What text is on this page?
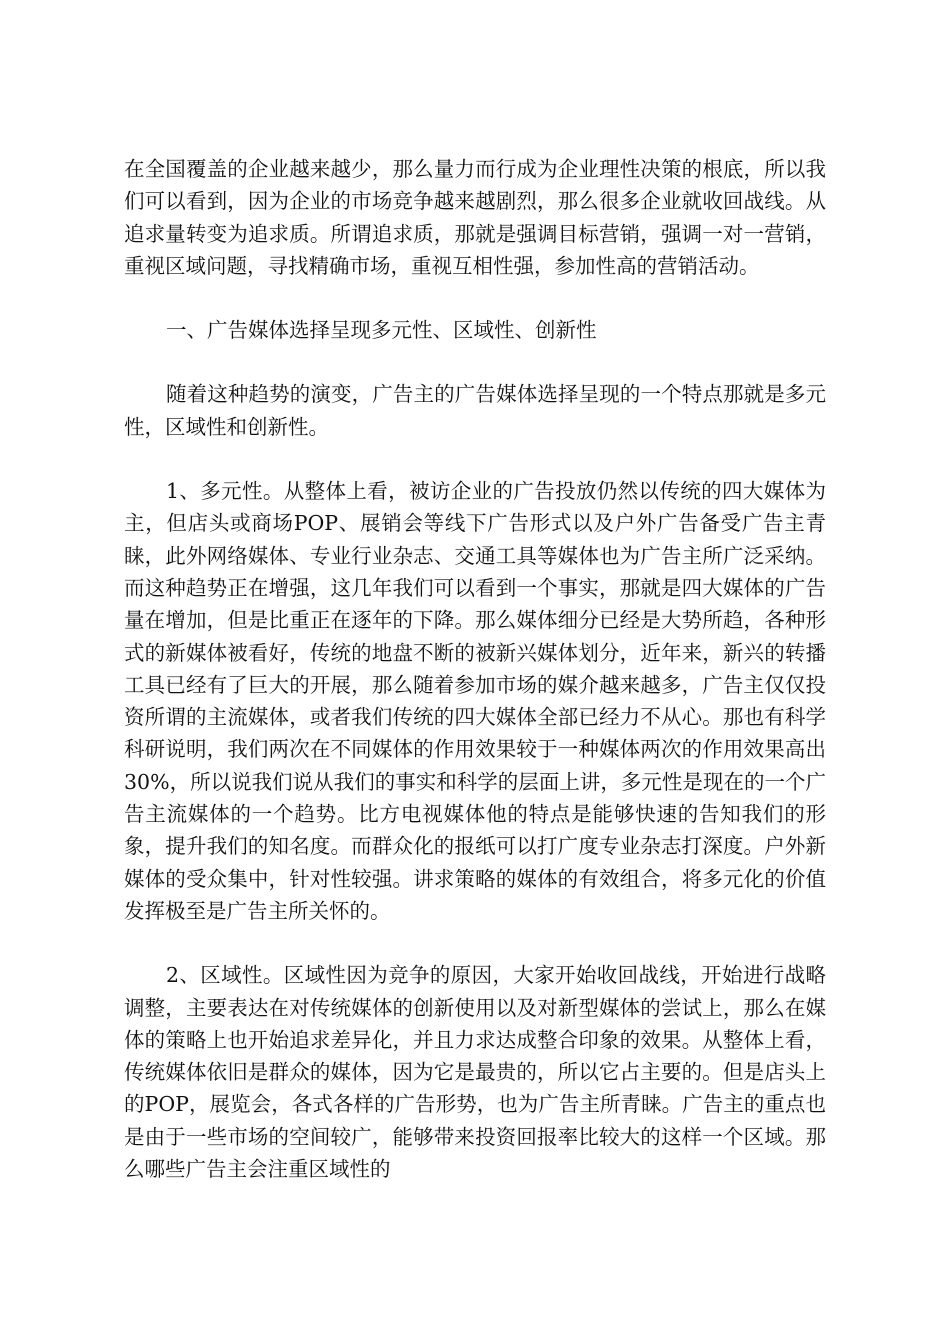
在全国覆盖的企业越来越少，那么量力而行成为企业理性决策的根底，所以我们可以看到，因为企业的市场竞争越来越剧烈，那么很多企业就收回战线。从追求量转变为追求质。所谓追求质，那就是强调目标营销，强调一对一营销，重视区域问题，寻找精确市场，重视互相性强，参加性高的营销活动。

一、广告媒体选择呈现多元性、区域性、创新性

随着这种趋势的演变，广告主的广告媒体选择呈现的一个特点那就是多元性，区域性和创新性。

1、多元性。从整体上看，被访企业的广告投放仍然以传统的四大媒体为主，但店头或商场POP、展销会等线下广告形式以及户外广告备受广告主青睐，此外网络媒体、专业行业杂志、交通工具等媒体也为广告主所广泛采纳。而这种趋势正在增强，这几年我们可以看到一个事实，那就是四大媒体的广告量在增加，但是比重正在逐年的下降。那么媒体细分已经是大势所趋，各种形式的新媒体被看好，传统的地盘不断的被新兴媒体划分，近年来，新兴的转播工具已经有了巨大的开展，那么随着参加市场的媒介越来越多，广告主仅仅投资所谓的主流媒体，或者我们传统的四大媒体全部已经力不从心。那也有科学科研说明，我们两次在不同媒体的作用效果较于一种媒体两次的作用效果高出30%，所以说我们说从我们的事实和科学的层面上讲，多元性是现在的一个广告主流媒体的一个趋势。比方电视媒体他的特点是能够快速的告知我们的形象，提升我们的知名度。而群众化的报纸可以打广度专业杂志打深度。户外新媒体的受众集中，针对性较强。讲求策略的媒体的有效组合，将多元化的价值发挥极至是广告主所关怀的。

2、区域性。区域性因为竞争的原因，大家开始收回战线，开始进行战略调整，主要表达在对传统媒体的创新使用以及对新型媒体的尝试上，那么在媒体的策略上也开始追求差异化，并且力求达成整合印象的效果。从整体上看，传统媒体依旧是群众的媒体，因为它是最贵的，所以它占主要的。但是店头上的POP，展览会，各式各样的广告形势，也为广告主所青睐。广告主的重点也是由于一些市场的空间较广，能够带来投资回报率比较大的这样一个区域。那么哪些广告主会注重区域性的
